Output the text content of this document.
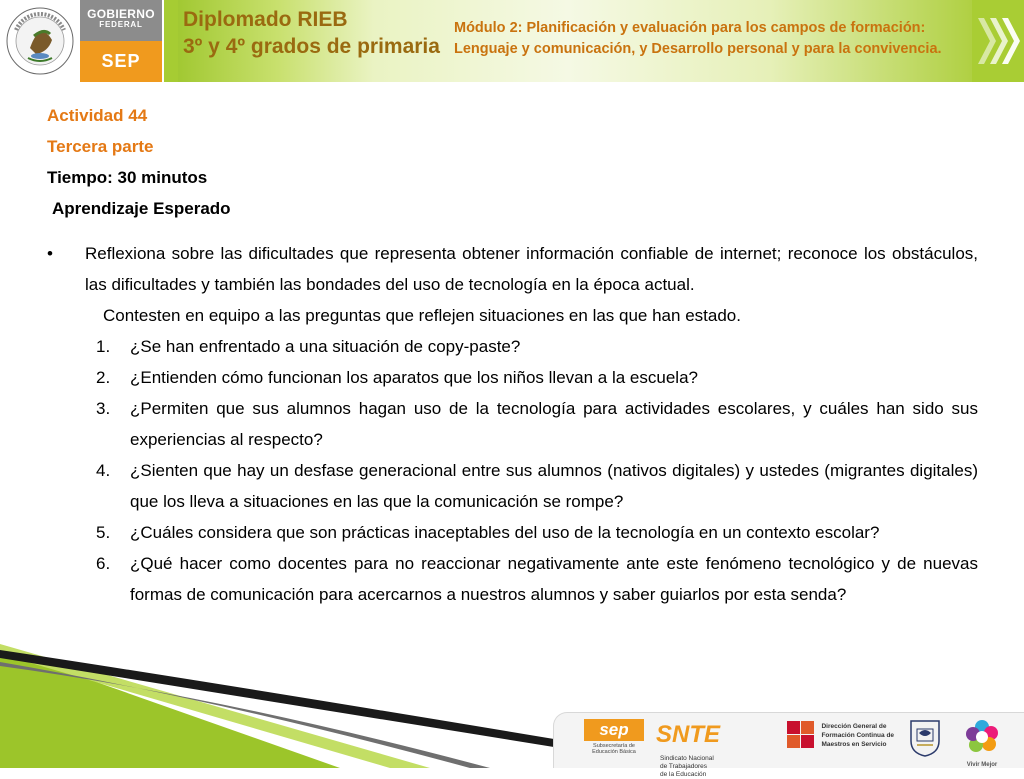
GOBIERNO
FEDERAL
SEP
Diplomado RIEB
3º y 4º grados de primaria
Módulo 2: Planificación y evaluación para los campos de formación:
Lenguaje y comunicación, y Desarrollo personal y para la convivencia.
Actividad 44
Tercera parte
Tiempo: 30 minutos
Aprendizaje Esperado
• Reflexiona sobre las dificultades que representa obtener información confiable de internet; reconoce los obstáculos, las dificultades y también las bondades del uso de tecnología en la época actual.
Contesten en equipo a las preguntas que reflejen situaciones en las que han estado.
1.	¿Se han enfrentado a una situación de copy-paste?
2.	¿Entienden cómo funcionan los aparatos que los niños llevan a la escuela?
3.	¿Permiten que sus alumnos hagan uso de la tecnología para actividades escolares, y cuáles han sido sus experiencias al respecto?
4.	¿Sienten que hay un desfase generacional entre sus alumnos (nativos digitales) y ustedes (migrantes digitales) que los lleva a situaciones en las que la comunicación se rompe?
5.	¿Cuáles considera que son prácticas inaceptables del uso de la tecnología en un contexto escolar?
6.	¿Qué hacer como docentes para no reaccionar negativamente ante este fenómeno tecnológico y de nuevas formas de comunicación para acercarnos a nuestros alumnos y saber guiarlos por esta senda?
sep
Subsecretaría de Educación Básica
SNTE Sindicato Nacional
de Trabajadores
de la Educación
Dirección General de
Formación Continua de
Maestros en Servicio
Vivir Mejor
